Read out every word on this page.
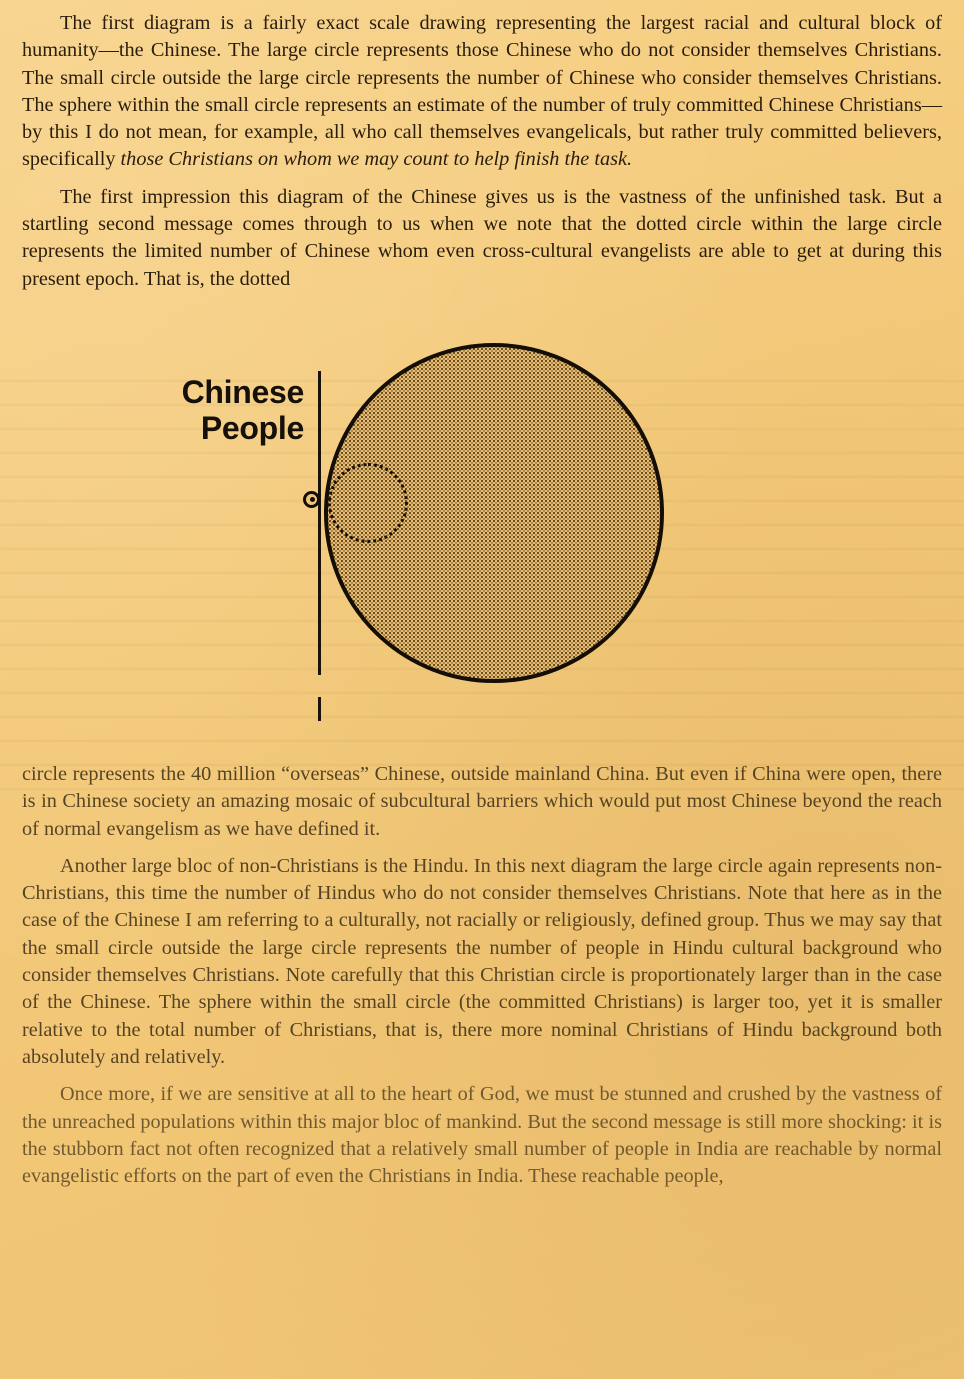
The first diagram is a fairly exact scale drawing representing the largest racial and cultural block of humanity—the Chinese. The large circle represents those Chinese who do not consider themselves Christians. The small circle outside the large circle represents the number of Chinese who consider themselves Christians. The sphere within the small circle represents an estimate of the number of truly committed Chinese Christians—by this I do not mean, for example, all who call themselves evangelicals, but rather truly committed believers, specifically those Christians on whom we may count to help finish the task.

The first impression this diagram of the Chinese gives us is the vastness of the unfinished task. But a startling second message comes through to us when we note that the dotted circle within the large circle represents the limited number of Chinese whom even cross-cultural evangelists are able to get at during this present epoch. That is, the dotted

Chinese
People

circle represents the 40 million “overseas” Chinese, outside mainland China. But even if China were open, there is in Chinese society an amazing mosaic of subcultural barriers which would put most Chinese beyond the reach of normal evangelism as we have defined it.

Another large bloc of non-Christians is the Hindu. In this next diagram the large circle again represents non-Christians, this time the number of Hindus who do not consider themselves Christians. Note that here as in the case of the Chinese I am referring to a culturally, not racially or religiously, defined group. Thus we may say that the small circle outside the large circle represents the number of people in Hindu cultural background who consider themselves Christians. Note carefully that this Christian circle is proportionately larger than in the case of the Chinese. The sphere within the small circle (the committed Christians) is larger too, yet it is smaller relative to the total number of Christians, that is, there more nominal Christians of Hindu background both absolutely and relatively.

Once more, if we are sensitive at all to the heart of God, we must be stunned and crushed by the vastness of the unreached populations within this major bloc of mankind. But the second message is still more shocking: it is the stubborn fact not often recognized that a relatively small number of people in India are reachable by normal evangelistic efforts on the part of even the Christians in India. These reachable people,
